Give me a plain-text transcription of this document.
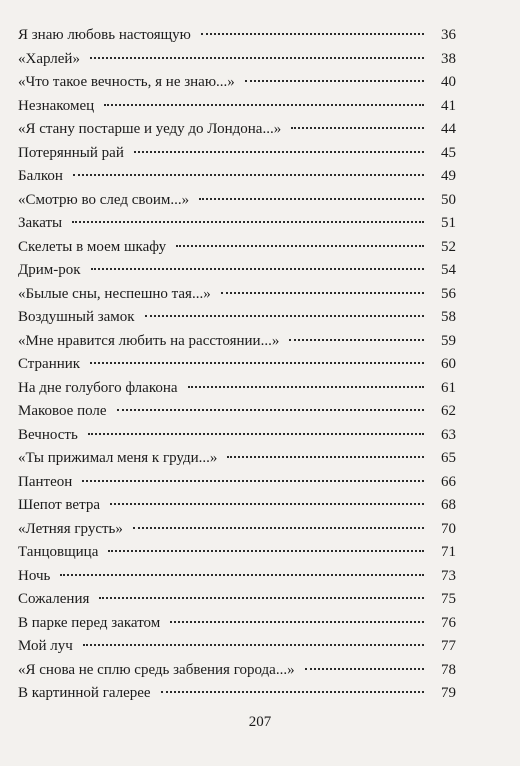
Я знаю любовь настоящую	36
«Харлей»	38
«Что такое вечность, я не знаю...»	40
Незнакомец	41
«Я стану постарше и уеду до Лондона...»	44
Потерянный рай	45
Балкон	49
«Смотрю во след своим...»	50
Закаты	51
Скелеты в моем шкафу	52
Дрим-рок	54
«Былые сны, неспешно тая...»	56
Воздушный замок	58
«Мне нравится любить на расстоянии...»	59
Странник	60
На дне голубого флакона	61
Маковое поле	62
Вечность	63
«Ты прижимал меня к груди...»	65
Пантеон	66
Шепот ветра	68
«Летняя грусть»	70
Танцовщица	71
Ночь	73
Сожаления	75
В парке перед закатом	76
Мой луч	77
«Я снова не сплю средь забвения города...»	78
В картинной галерее	79
207
